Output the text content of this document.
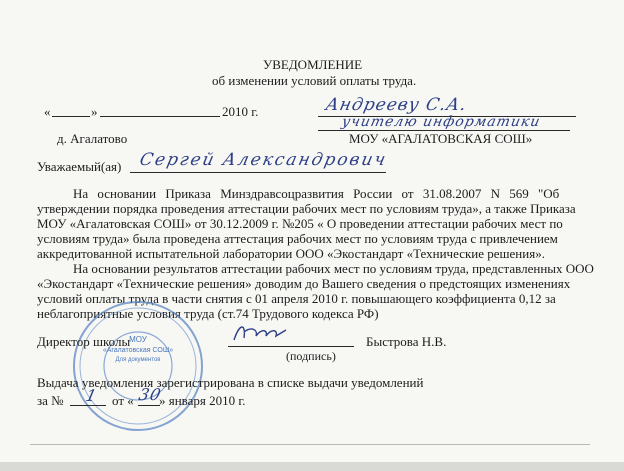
УВЕДОМЛЕНИЕ
об изменении условий оплаты труда.
«	»	2010 г.	Андрееву С.А.
учителю информатики
д. Агалатово	МОУ «АГАЛАТОВСКАЯ СОШ»
Уважаемый(ая) Сергей Александрович
На основании Приказа Минздравсоцразвития России от 31.08.2007 N 569 "Об
утверждении порядка проведения аттестации рабочих мест по условиям труда», а также Приказа
МОУ «Агалатовская СОШ» от 30.12.2009 г. №205 « О проведении аттестации рабочих мест по
условиям труда» была проведена аттестация рабочих мест по условиям труда с привлечением
аккредитованной испытательной лаборатории ООО «Экостандарт «Технические решения».
На основании результатов аттестации рабочих мест по условиям труда, представленных ООО
«Экостандарт «Технические решения» доводим до Вашего сведения о предстоящих изменениях
условий оплаты труда в части снятия с 01 апреля 2010 г. повышающего коэффициента 0,12 за
неблагоприятные условия труда (ст.74 Трудового кодекса РФ)
МОУ
«Агалатовская СОШ»
Для документов
Директор школы	Быстрова Н.В.
(подпись)
Выдача уведомления зарегистрирована в списке выдачи уведомлений
за № 1 от « 30
» января 2010 г.
